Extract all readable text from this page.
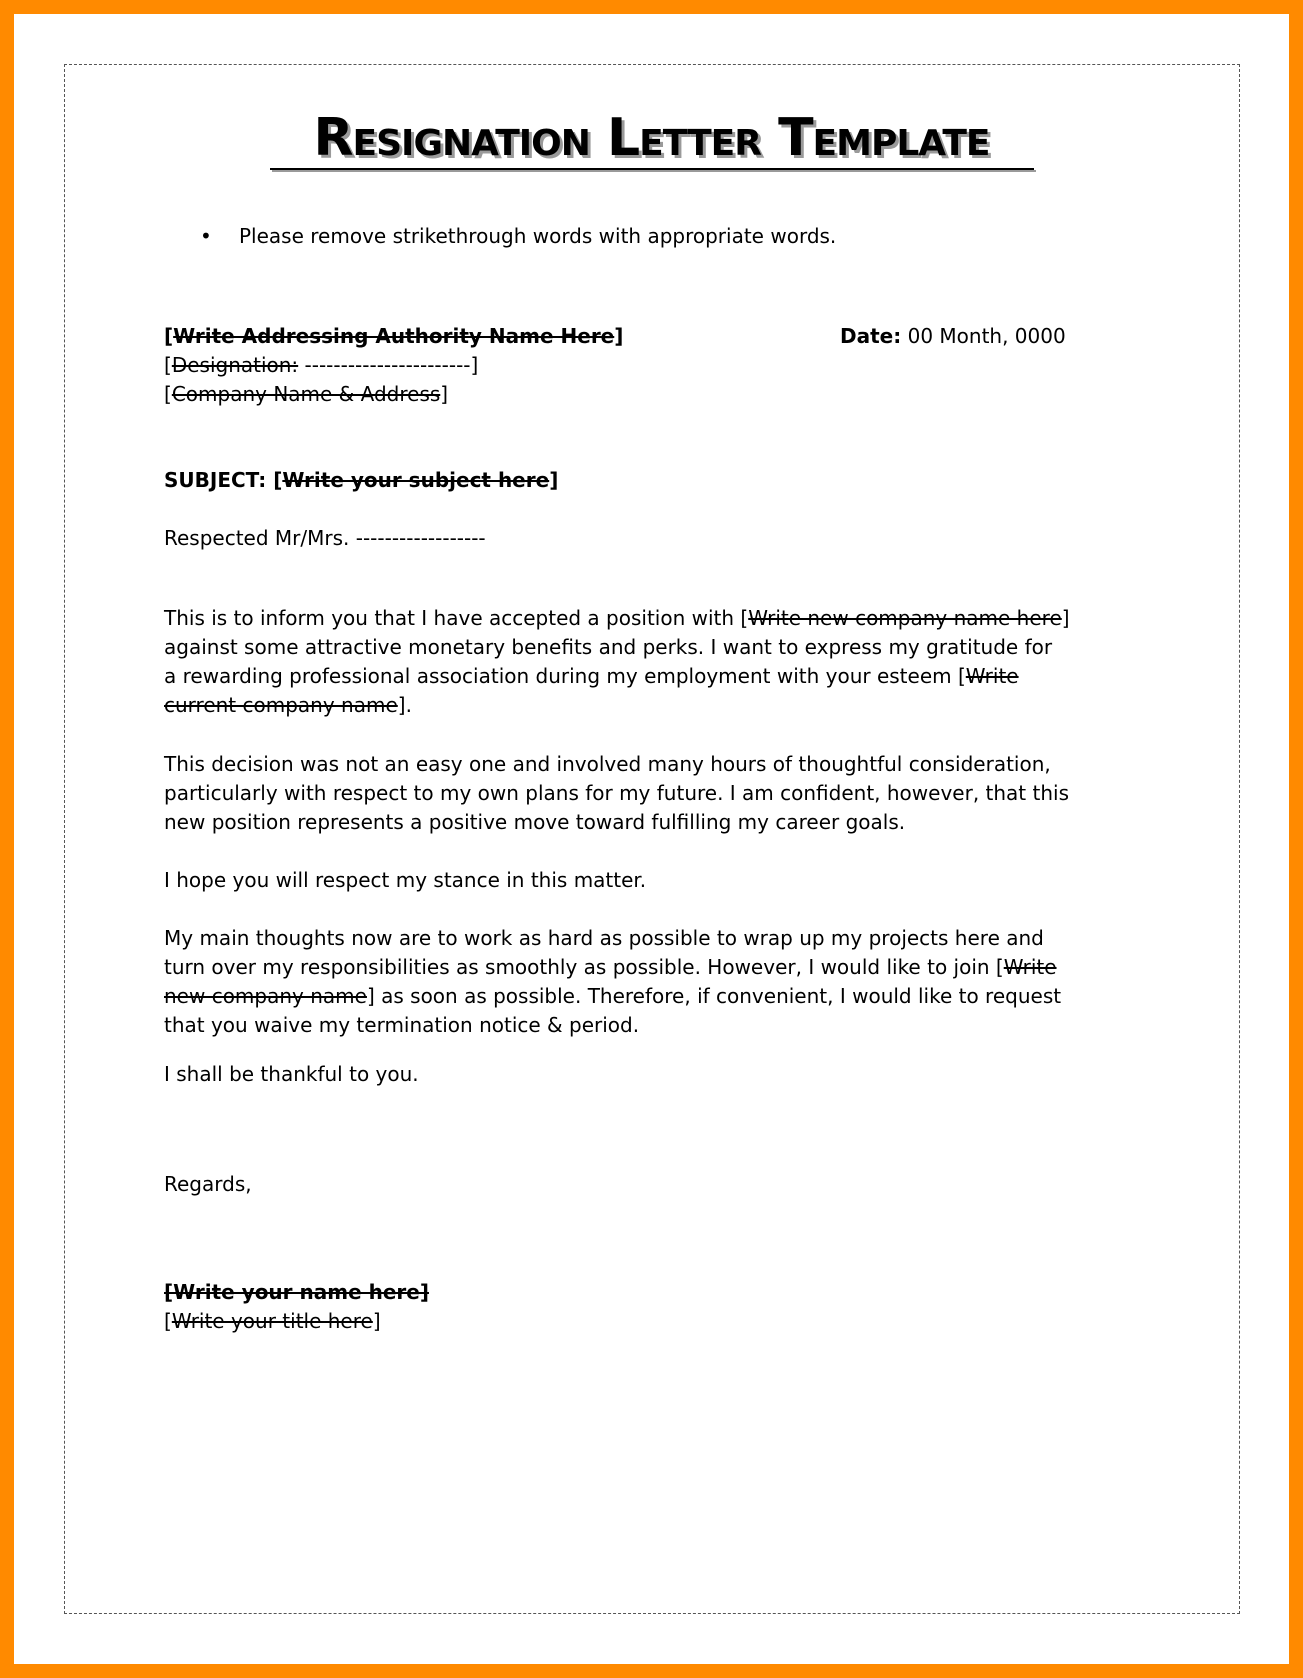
Resignation Letter Template
•	Please remove strikethrough words with appropriate words.
[Write Addressing Authority Name Here]
[Designation: -----------------------]
[Company Name & Address]
Date: 00 Month, 0000
SUBJECT: [Write your subject here]
Respected Mr/Mrs. ------------------
This is to inform you that I have accepted a position with [Write new company name here]
against some attractive monetary benefits and perks. I want to express my gratitude for
a rewarding professional association during my employment with your esteem [Write
current company name].
This decision was not an easy one and involved many hours of thoughtful consideration,
particularly with respect to my own plans for my future. I am confident, however, that this
new position represents a positive move toward fulfilling my career goals.
I hope you will respect my stance in this matter.
My main thoughts now are to work as hard as possible to wrap up my projects here and
turn over my responsibilities as smoothly as possible. However, I would like to join [Write
new company name] as soon as possible. Therefore, if convenient, I would like to request
that you waive my termination notice & period.
I shall be thankful to you.
Regards,
[Write your name here]
[Write your title here]
